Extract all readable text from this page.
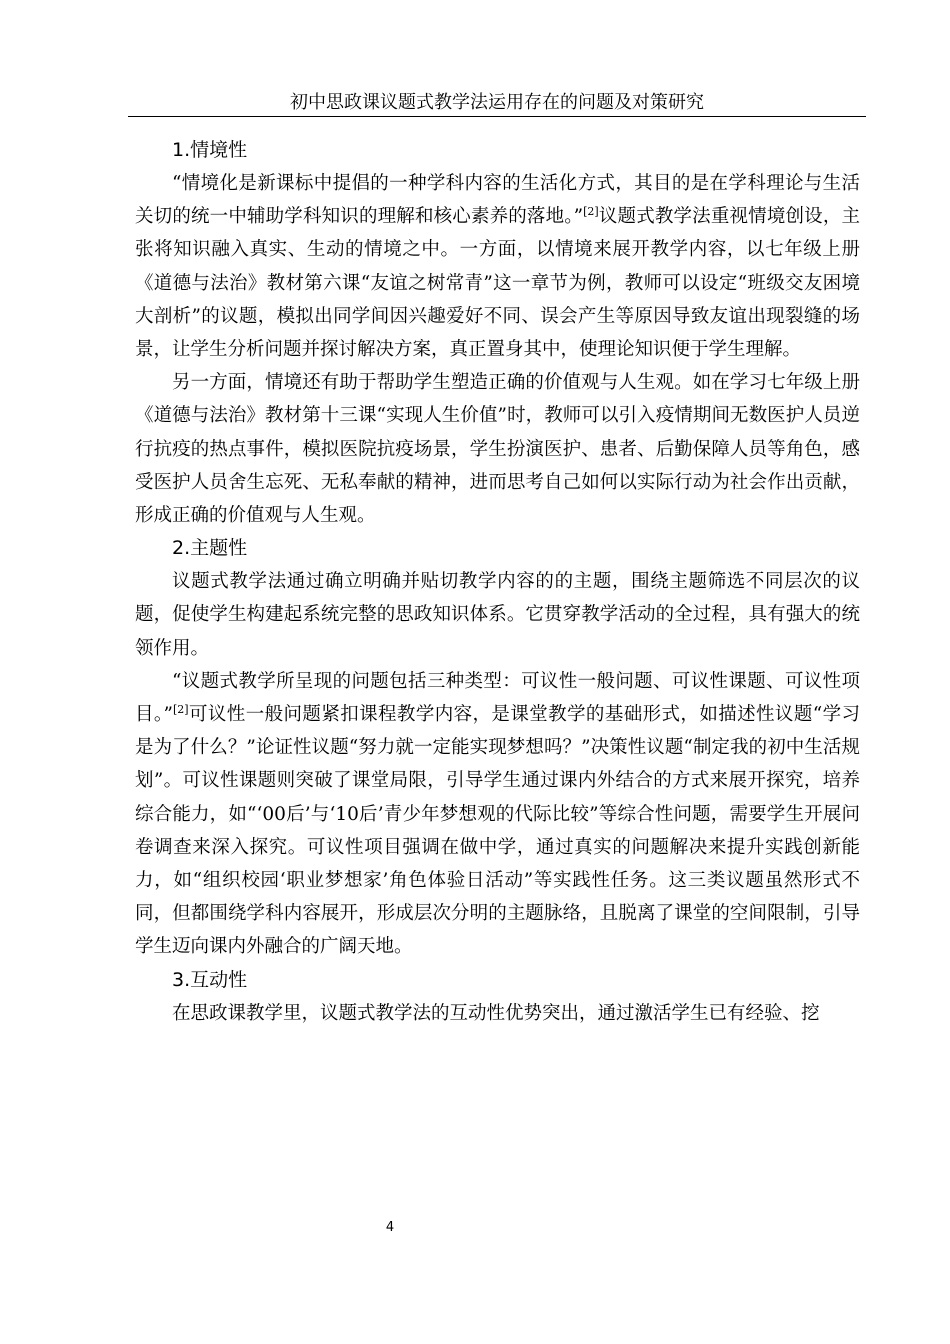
初中思政课议题式教学法运用存在的问题及对策研究
1.情境性

“情境化是新课标中提倡的一种学科内容的生活化方式，其目的是在学科理论与生活关切的统一中辅助学科知识的理解和核心素养的落地。”[2]议题式教学法重视情境创设，主张将知识融入真实、生动的情境之中。一方面，以情境来展开教学内容，以七年级上册《道德与法治》教材第六课“友谊之树常青”这一章节为例，教师可以设定“班级交友困境大剖析”的议题，模拟出同学间因兴趣爱好不同、误会产生等原因导致友谊出现裂缝的场景，让学生分析问题并探讨解决方案，真正置身其中，使理论知识便于学生理解。

另一方面，情境还有助于帮助学生塑造正确的价值观与人生观。如在学习七年级上册《道德与法治》教材第十三课“实现人生价值”时，教师可以引入疫情期间无数医护人员逆行抗疫的热点事件，模拟医院抗疫场景，学生扮演医护、患者、后勤保障人员等角色，感受医护人员舍生忘死、无私奉献的精神，进而思考自己如何以实际行动为社会作出贡献，形成正确的价值观与人生观。

2.主题性

议题式教学法通过确立明确并贴切教学内容的的主题，围绕主题筛选不同层次的议题，促使学生构建起系统完整的思政知识体系。它贯穿教学活动的全过程，具有强大的统领作用。

“议题式教学所呈现的问题包括三种类型：可议性一般问题、可议性课题、可议性项目。”[2]可议性一般问题紧扣课程教学内容，是课堂教学的基础形式，如描述性议题“学习是为了什么？”论证性议题“努力就一定能实现梦想吗？”决策性议题“制定我的初中生活规划”。可议性课题则突破了课堂局限，引导学生通过课内外结合的方式来展开探究，培养综合能力，如“‘00后’与‘10后’青少年梦想观的代际比较”等综合性问题，需要学生开展问卷调查来深入探究。可议性项目强调在做中学，通过真实的问题解决来提升实践创新能力，如“组织校园‘职业梦想家’角色体验日活动”等实践性任务。这三类议题虽然形式不同，但都围绕学科内容展开，形成层次分明的主题脉络，且脱离了课堂的空间限制，引导学生迈向课内外融合的广阔天地。

3.互动性

在思政课教学里，议题式教学法的互动性优势突出，通过激活学生已有经验、挖

4
